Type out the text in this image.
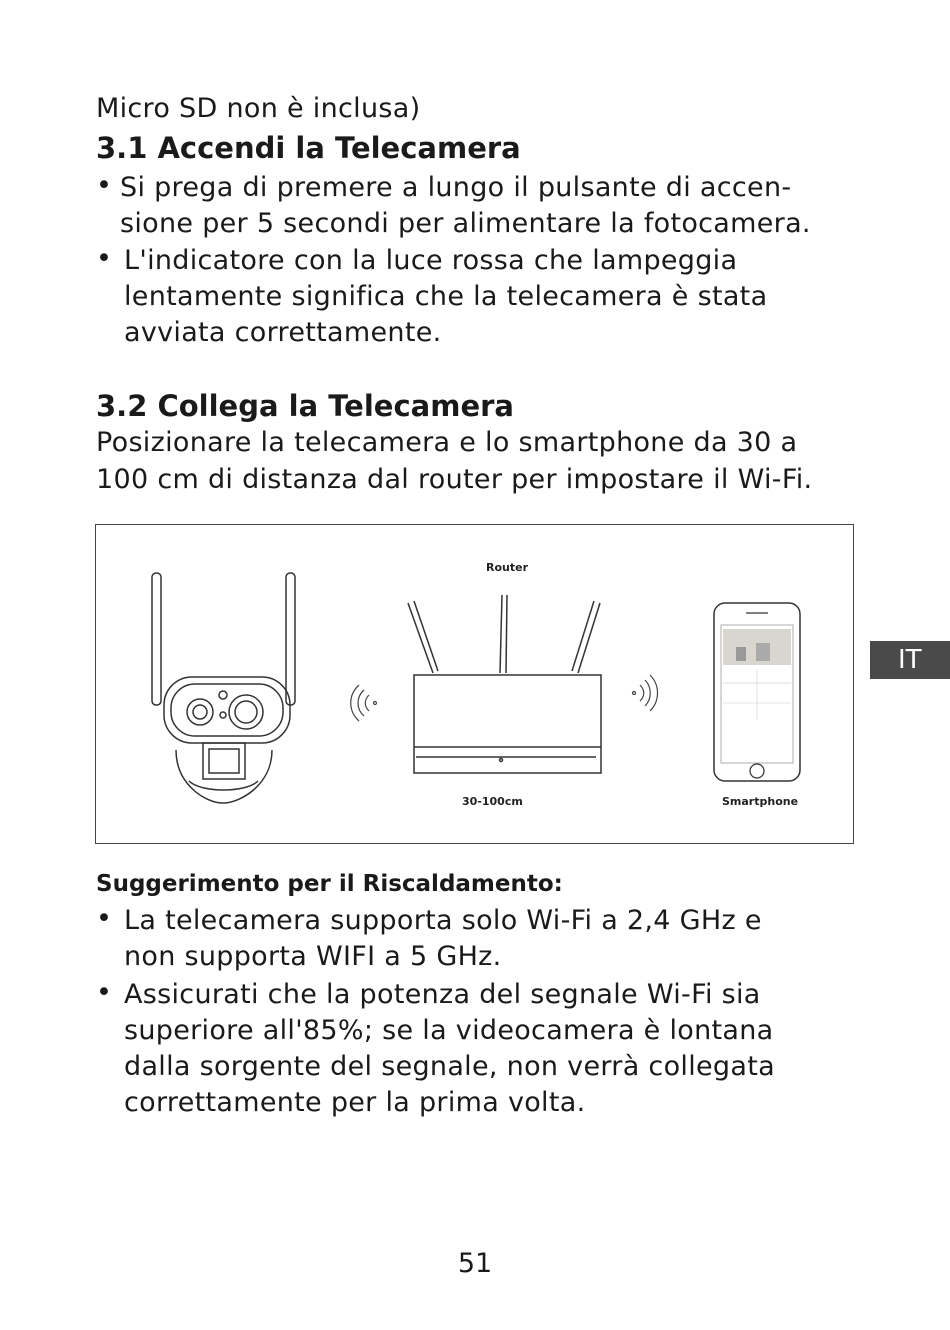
Micro SD non è inclusa)
3.1 Accendi la Telecamera
• Si prega di premere a lungo il pulsante di accen-
sione per 5 secondi per alimentare la fotocamera.
• L'indicatore con la luce rossa che lampeggia
lentamente significa che la telecamera è stata
avviata correttamente.
3.2 Collega la Telecamera
Posizionare la telecamera e lo smartphone da 30 a
100 cm di distanza dal router per impostare il Wi-Fi.
Router
30-100cm	Smartphone
Suggerimento per il Riscaldamento:
• La telecamera supporta solo Wi-Fi a 2,4 GHz e
non supporta WIFI a 5 GHz.
• Assicurati che la potenza del segnale Wi-Fi sia
superiore all'85%; se la videocamera è lontana
dalla sorgente del segnale, non verrà collegata
correttamente per la prima volta.
IT
51
